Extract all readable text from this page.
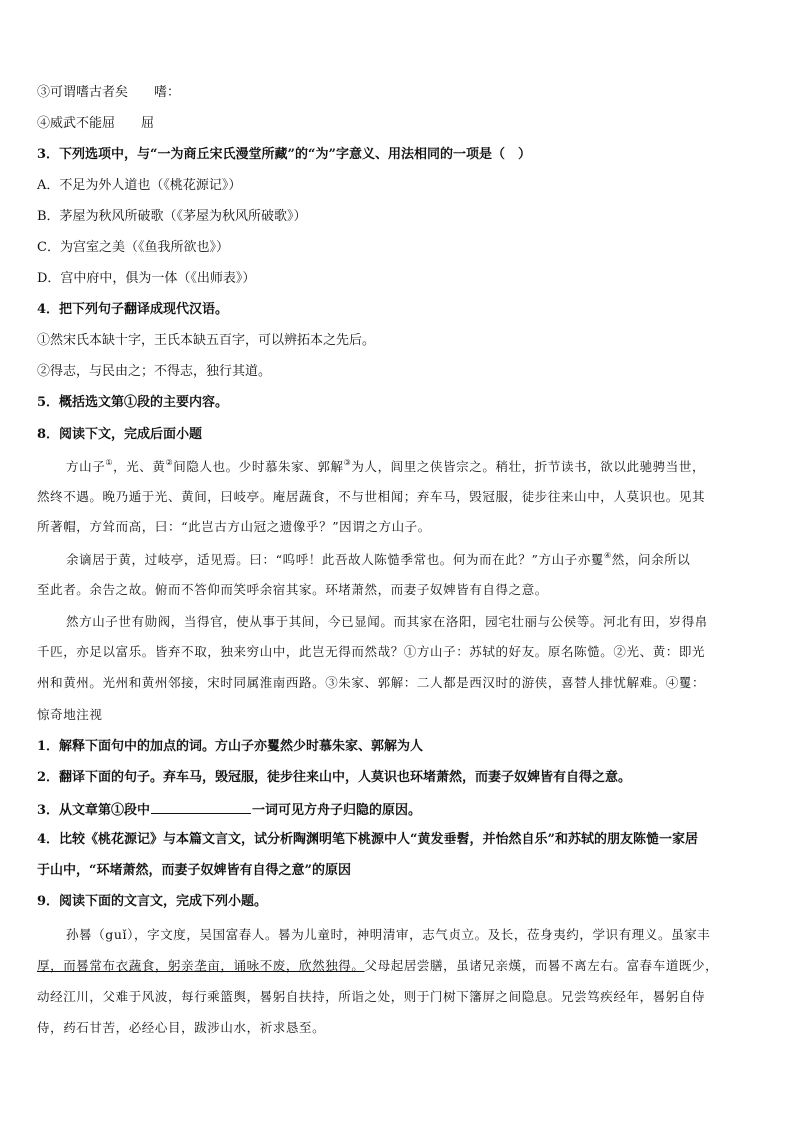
③可谓嗜古者矣　　嗜：
④威武不能屈　　屈
3．下列选项中，与“一为商丘宋氏漫堂所藏”的“为”字意义、用法相同的一项是（　）
A．不足为外人道也（《桃花源记》）
B．茅屋为秋风所破歌（《茅屋为秋风所破歌》）
C．为宫室之美（《鱼我所欲也》）
D．宫中府中，俱为一体（《出师表》）
4．把下列句子翻译成现代汉语。
①然宋氏本缺十字，王氏本缺五百字，可以辨拓本之先后。
②得志，与民由之；不得志，独行其道。
5．概括选文第①段的主要内容。
8．阅读下文，完成后面小题
方山子①，光、黄②间隐人也。少时慕朱家、郭解③为人，闾里之侠皆宗之。稍壮，折节读书，欲以此驰骋当世，
然终不遇。晚乃遁于光、黄间，曰岐亭。庵居蔬食，不与世相闻；弃车马，毁冠服，徒步往来山中，人莫识也。见其
所著帽，方耸而高，曰：“此岂古方山冠之遗像乎？”因谓之方山子。
余谪居于黄，过岐亭，适见焉。曰：“呜呼！此吾故人陈慥季常也。何为而在此？”方山子亦矍④然，问余所以
至此者。余告之故。俯而不答仰而笑呼余宿其家。环堵萧然，而妻子奴婢皆有自得之意。
然方山子世有勋阀，当得官，使从事于其间，今已显闻。而其家在洛阳，园宅壮丽与公侯等。河北有田，岁得帛
千匹，亦足以富乐。皆弃不取，独来穷山中，此岂无得而然哉？①方山子：苏轼的好友。原名陈慥。②光、黄：即光
州和黄州。光州和黄州邻接，宋时同属淮南西路。③朱家、郭解：二人都是西汉时的游侠，喜替人排忧解难。④矍：
惊奇地注视
1．解释下面句中的加点的词。方山子亦矍然少时慕朱家、郭解为人
2．翻译下面的句子。弃车马，毁冠服，徒步往来山中，人莫识也环堵萧然，而妻子奴婢皆有自得之意。
3．从文章第①段中	一词可见方舟子归隐的原因。
4．比较《桃花源记》与本篇文言文，试分析陶渊明笔下桃源中人“黄发垂髫，并怡然自乐”和苏轼的朋友陈慥一家居
于山中，“环堵萧然，而妻子奴婢皆有自得之意”的原因
9．阅读下面的文言文，完成下列小题。
孙晷（guǐ），字文度，吴国富春人。晷为儿童时，神明清审，志气贞立。及长，莅身夷约，学识有理义。虽家丰
厚，而晷常布衣蔬食，躬亲垄亩，诵咏不废，欣然独得。父母起居尝膳，虽诸兄亲熯，而晷不离左右。富春车道既少，
动经江川，父难于风波，每行乘篮舆，晷躬自扶持，所诣之处，则于门树下籓屏之间隐息。兄尝笃疾经年，晷躬自侍
侍，药石甘苦，必经心目，跋涉山水，祈求恳至。
